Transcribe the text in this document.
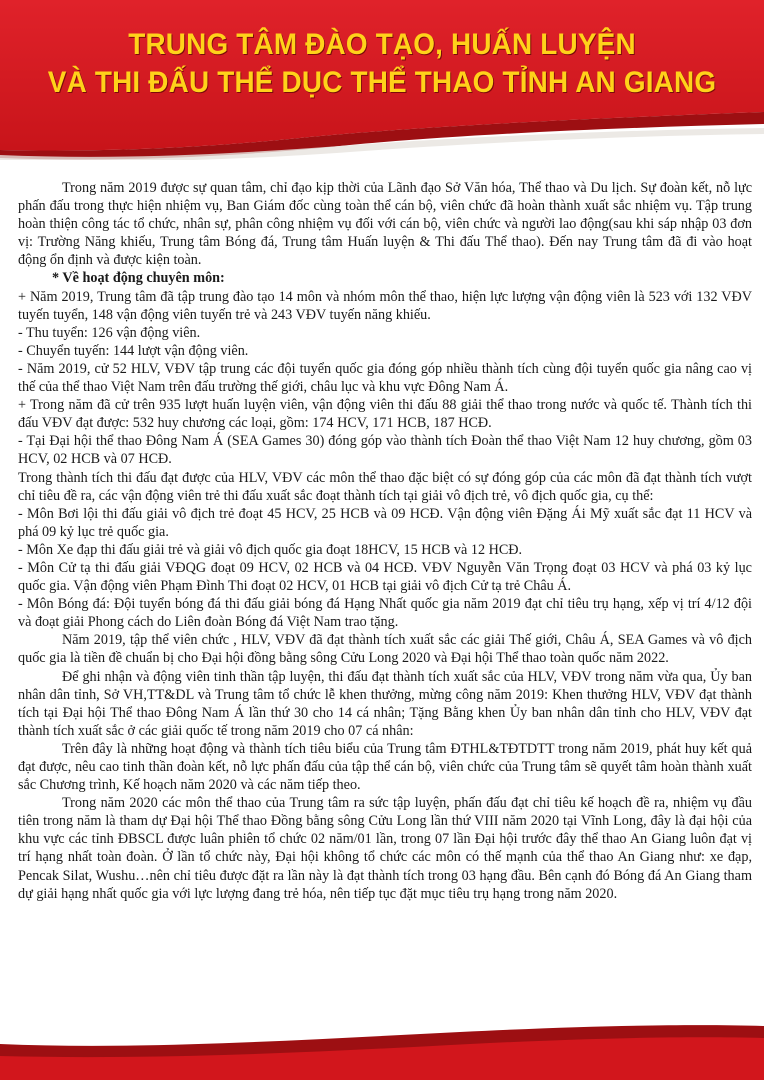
TRUNG TÂM ĐÀO TẠO, HUẤN LUYỆN
VÀ THI ĐẤU THỂ DỤC THỂ THAO TỈNH AN GIANG

Trong năm 2019 được sự quan tâm, chỉ đạo kịp thời của Lãnh đạo Sở Văn hóa, Thể thao và Du lịch. Sự đoàn kết, nỗ lực phấn đấu trong thực hiện nhiệm vụ, Ban Giám đốc cùng toàn thể cán bộ, viên chức đã hoàn thành xuất sắc nhiệm vụ. Tập trung hoàn thiện công tác tổ chức, nhân sự, phân công nhiệm vụ đối với cán bộ, viên chức và người lao động(sau khi sáp nhập 03 đơn vị: Trường Năng khiếu, Trung tâm Bóng đá, Trung tâm Huấn luyện & Thi đấu Thể thao). Đến nay Trung tâm đã đi vào hoạt động ổn định và được kiện toàn.

* Về hoạt động chuyên môn:

+ Năm 2019, Trung tâm đã tập trung đào tạo 14 môn và nhóm môn thể thao, hiện lực lượng vận động viên là 523 với 132 VĐV tuyến tuyển, 148 vận động viên tuyến trẻ và 243 VĐV tuyến năng khiếu.

- Thu tuyển: 126 vận động viên.

- Chuyển tuyến: 144 lượt vận động viên.

- Năm 2019, cử 52 HLV, VĐV tập trung các đội tuyển quốc gia đóng góp nhiều thành tích cùng đội tuyển quốc gia nâng cao vị thế của thể thao Việt Nam trên đấu trường thế giới, châu lục và khu vực Đông Nam Á.

+ Trong năm đã cử trên 935 lượt huấn luyện viên, vận động viên thi đấu 88 giải thể thao trong nước và quốc tế. Thành tích thi đấu VĐV đạt được: 532 huy chương các loại, gồm: 174 HCV, 171 HCB, 187 HCĐ.

- Tại Đại hội thể thao Đông Nam Á (SEA Games 30) đóng góp vào thành tích Đoàn thể thao Việt Nam 12 huy chương, gồm 03 HCV, 02 HCB và 07 HCĐ.

Trong thành tích thi đấu đạt được của HLV, VĐV các môn thể thao đặc biệt có sự đóng góp của các môn đã đạt thành tích vượt chỉ tiêu đề ra, các vận động viên trẻ thi đấu xuất sắc đoạt thành tích tại giải vô địch trẻ, vô địch quốc gia, cụ thể:

- Môn Bơi lội thi đấu giải vô địch trẻ đoạt 45 HCV, 25 HCB và 09 HCĐ. Vận động viên Đặng Ái Mỹ xuất sắc đạt 11 HCV và phá 09 kỷ lục trẻ quốc gia.

- Môn Xe đạp thi đấu giải trẻ và giải vô địch quốc gia đoạt 18HCV, 15 HCB và 12 HCĐ.

- Môn Cử tạ thi đấu giải VĐQG đoạt 09 HCV, 02 HCB và 04 HCĐ. VĐV Nguyễn Văn Trọng đoạt 03 HCV và phá 03 kỷ lục quốc gia. Vận động viên Phạm Đình Thi đoạt 02 HCV, 01 HCB tại giải vô địch Cử tạ trẻ Châu Á.

- Môn Bóng đá: Đội tuyển bóng đá thi đấu giải bóng đá Hạng Nhất quốc gia năm 2019 đạt chỉ tiêu trụ hạng, xếp vị trí 4/12 đội và đoạt giải Phong cách do Liên đoàn Bóng đá Việt Nam trao tặng.

Năm 2019, tập thể viên chức , HLV, VĐV đã đạt thành tích xuất sắc các giải Thế giới, Châu Á, SEA Games và vô địch quốc gia là tiền đề chuẩn bị cho Đại hội đồng bằng sông Cửu Long 2020 và Đại hội Thể thao toàn quốc năm 2022.

Để ghi nhận và động viên tinh thần tập luyện, thi đấu đạt thành tích xuất sắc của HLV, VĐV trong năm vừa qua, Ủy ban nhân dân tỉnh, Sở VH,TT&DL và Trung tâm tổ chức lễ khen thưởng, mừng công năm 2019: Khen thưởng HLV, VĐV đạt thành tích tại Đại hội Thể thao Đông Nam Á lần thứ 30 cho 14 cá nhân; Tặng Bằng khen Ủy ban nhân dân tỉnh cho HLV, VĐV đạt thành tích xuất sắc ở các giải quốc tế trong năm 2019 cho 07 cá nhân:

Trên đây là những hoạt động và thành tích tiêu biểu của Trung tâm ĐTHL&TĐTDTT trong năm 2019, phát huy kết quả đạt được, nêu cao tinh thần đoàn kết, nỗ lực phấn đấu của tập thể cán bộ, viên chức của Trung tâm sẽ quyết tâm hoàn thành xuất sắc Chương trình, Kế hoạch năm 2020 và các năm tiếp theo.

Trong năm 2020 các môn thể thao của Trung tâm ra sức tập luyện, phấn đấu đạt chỉ tiêu kế hoạch đề ra, nhiệm vụ đầu tiên trong năm là tham dự Đại hội Thể thao Đồng bằng sông Cửu Long lần thứ VIII năm 2020 tại Vĩnh Long, đây là đại hội của khu vực các tỉnh ĐBSCL được luân phiên tổ chức 02 năm/01 lần, trong 07 lần Đại hội trước đây thể thao An Giang luôn đạt vị trí hạng nhất toàn đoàn. Ở lần tổ chức này, Đại hội không tổ chức các môn có thế mạnh của thể thao An Giang như: xe đạp, Pencak Silat, Wushu…nên chỉ tiêu được đặt ra lần này là đạt thành tích trong 03 hạng đầu. Bên cạnh đó Bóng đá An Giang tham dự giải hạng nhất quốc gia với lực lượng đang trẻ hóa, nên tiếp tục đặt mục tiêu trụ hạng trong năm 2020.
